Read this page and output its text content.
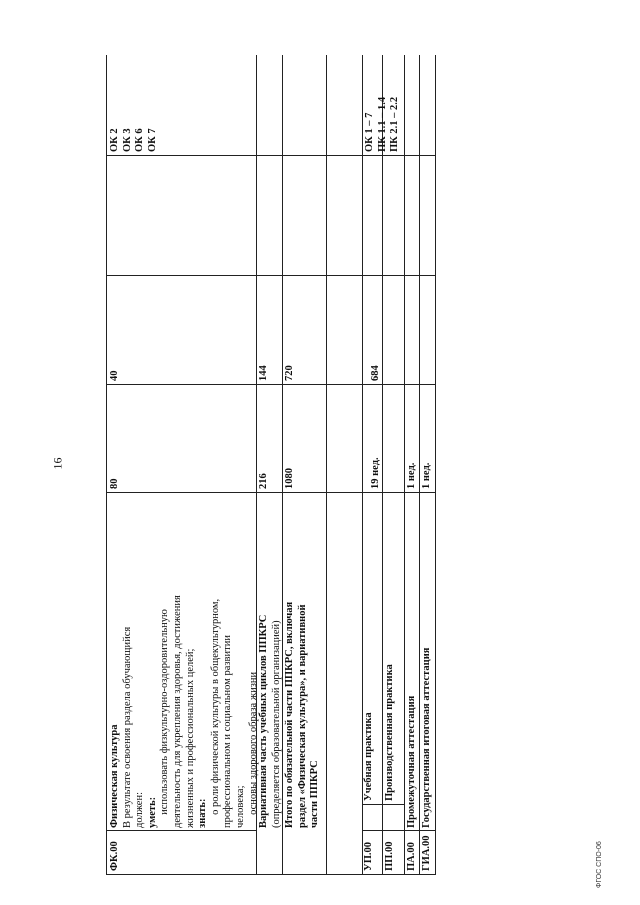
16
ФГОС СПО-06
ФК.00
Физическая культура В результате освоения раздела обучающийся должен: уметь: использовать физкультурно-оздоровительную деятельность для укрепления здоровья, достижения жизненных и профессиональных целей; знать: о роли физической культуры в общекультурном, профессиональном и социальном развитии человека; основы здорового образа жизни
80
40
ОК 2 ОК 3 ОК 6 ОК 7
Вариативная часть учебных циклов ППКРС (определяется образовательной организацией)
216
144
Итого по обязательной части ППКРС, включая раздел «Физическая культура», и вариативной части ППКРС
1080
720
УП.00
Учебная практика
19 нед.
684
ОК 1 – 7 ПК 1.1 – 1.4 ПК 2.1 – 2.2
ПП.00
Производственная практика
ПА.00
Промежуточная аттестация
1 нед.
ГИА.00
Государственная итоговая аттестация
1 нед.
